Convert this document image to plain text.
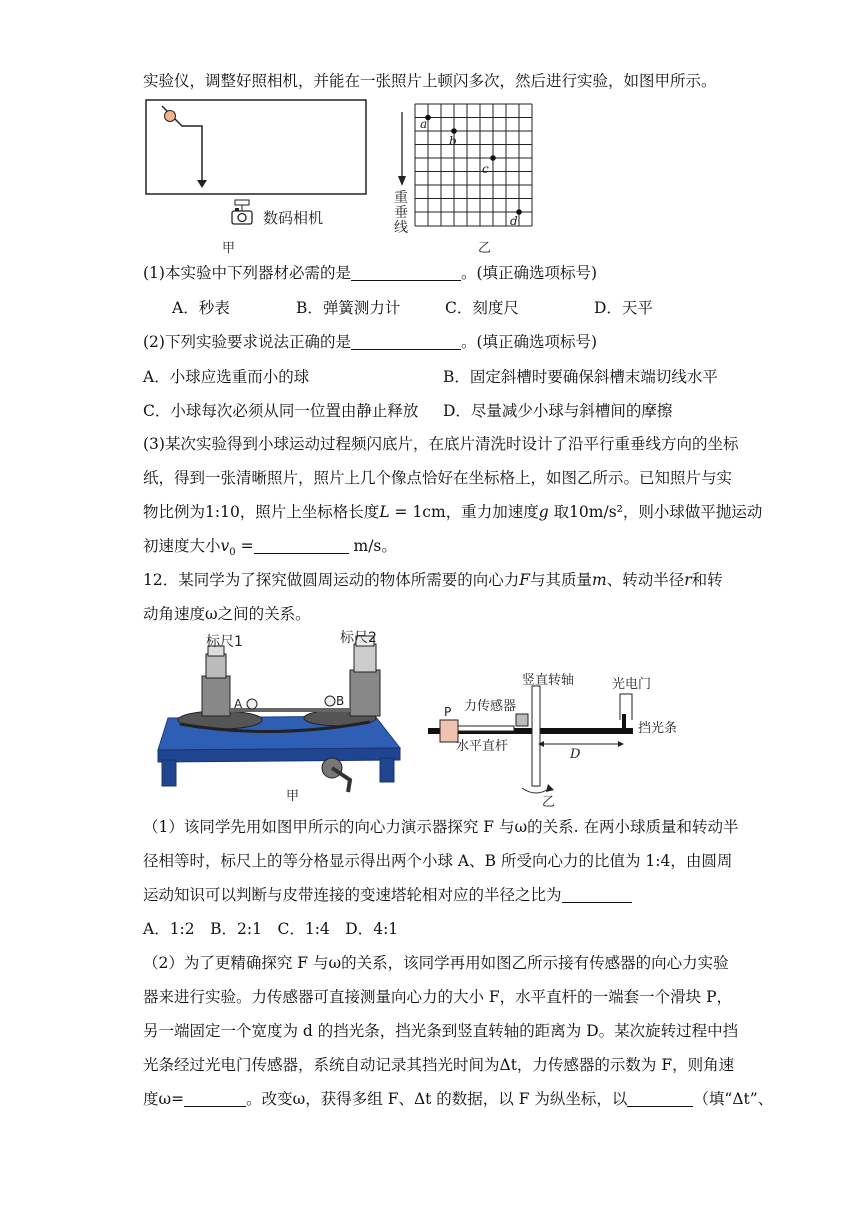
实验仪，调整好照相机，并能在一张照片上顿闪多次，然后进行实验，如图甲所示。
数码相机
甲
a
b
c
d
重
垂
线
乙
(1)本实验中下列器材必需的是	。(填正确选项标号)
A．秒表	B．弹簧测力计	C．刻度尺	D．天平
(2)下列实验要求说法正确的是	。(填正确选项标号)
A．小球应选重而小的球	B．固定斜槽时要确保斜槽末端切线水平
C．小球每次必须从同一位置由静止释放 D．尽量减少小球与斜槽间的摩擦
(3)某次实验得到小球运动过程频闪底片，在底片清洗时设计了沿平行重垂线方向的坐标
纸，得到一张清晰照片，照片上几个像点恰好在坐标格上，如图乙所示。已知照片与实
物比例为1:10，照片上坐标格长度L = 1cm，重力加速度g 取10m/s²，则小球做平抛运动
初速度大小$v_0$ =	m/s。
12．某同学为了探究做圆周运动的物体所需要的向心力F与其质量m、转动半径r和转
动角速度ω之间的关系。
标尺1	标尺2
A	B
甲
P
D
力传感器
竖直转轴	光电门
挡光条
水平直杆
乙
（1）该同学先用如图甲所示的向心力演示器探究 F 与ω的关系. 在两小球质量和转动半
径相等时，标尺上的等分格显示得出两个小球 A、B 所受向心力的比值为 1:4，由圆周
运动知识可以判断与皮带连接的变速塔轮相对应的半径之比为
A．1:2　B．2:1　C．1:4　D．4:1
（2）为了更精确探究 F 与ω的关系，该同学再用如图乙所示接有传感器的向心力实验
器来进行实验。力传感器可直接测量向心力的大小 F，水平直杆的一端套一个滑块 P，
另一端固定一个宽度为 d 的挡光条，挡光条到竖直转轴的距离为 D。某次旋转过程中挡
光条经过光电门传感器，系统自动记录其挡光时间为Δt，力传感器的示数为 F，则角速
度ω=	。改变ω，获得多组 F、Δt 的数据，以 F 为纵坐标，以	（填“Δt”、
